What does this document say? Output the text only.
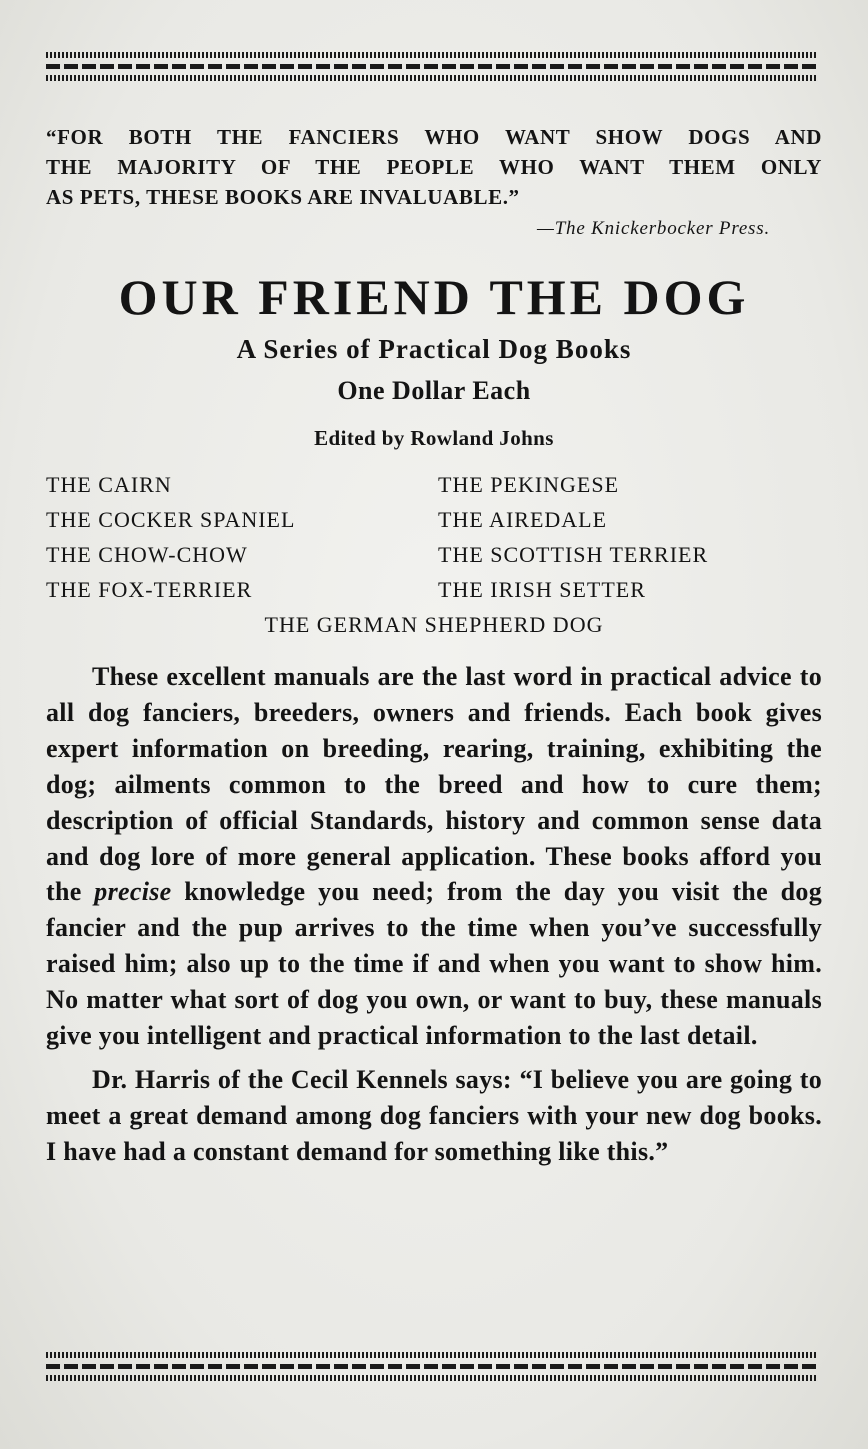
“FOR BOTH THE FANCIERS WHO WANT SHOW DOGS AND
THE MAJORITY OF THE PEOPLE WHO WANT THEM ONLY
AS PETS, THESE BOOKS ARE INVALUABLE.”
—The Knickerbocker Press.
OUR FRIEND THE DOG
A Series of Practical Dog Books
One Dollar Each
Edited by Rowland Johns
THE CAIRN	THE PEKINGESE
THE COCKER SPANIEL	THE AIREDALE
THE CHOW-CHOW	THE SCOTTISH TERRIER
THE FOX-TERRIER	THE IRISH SETTER
THE GERMAN SHEPHERD DOG

These excellent manuals are the last word in practical advice to all dog fanciers, breeders, owners and friends. Each book gives expert information on breeding, rearing, training, exhibiting the dog; ailments common to the breed and how to cure them; description of official Standards, history and common sense data and dog lore of more general application. These books afford you the precise knowledge you need; from the day you visit the dog fancier and the pup arrives to the time when you’ve successfully raised him; also up to the time if and when you want to show him. No matter what sort of dog you own, or want to buy, these manuals give you intelligent and practical information to the last detail.

Dr. Harris of the Cecil Kennels says: “I believe you are going to meet a great demand among dog fanciers with your new dog books. I have had a constant demand for something like this.”
